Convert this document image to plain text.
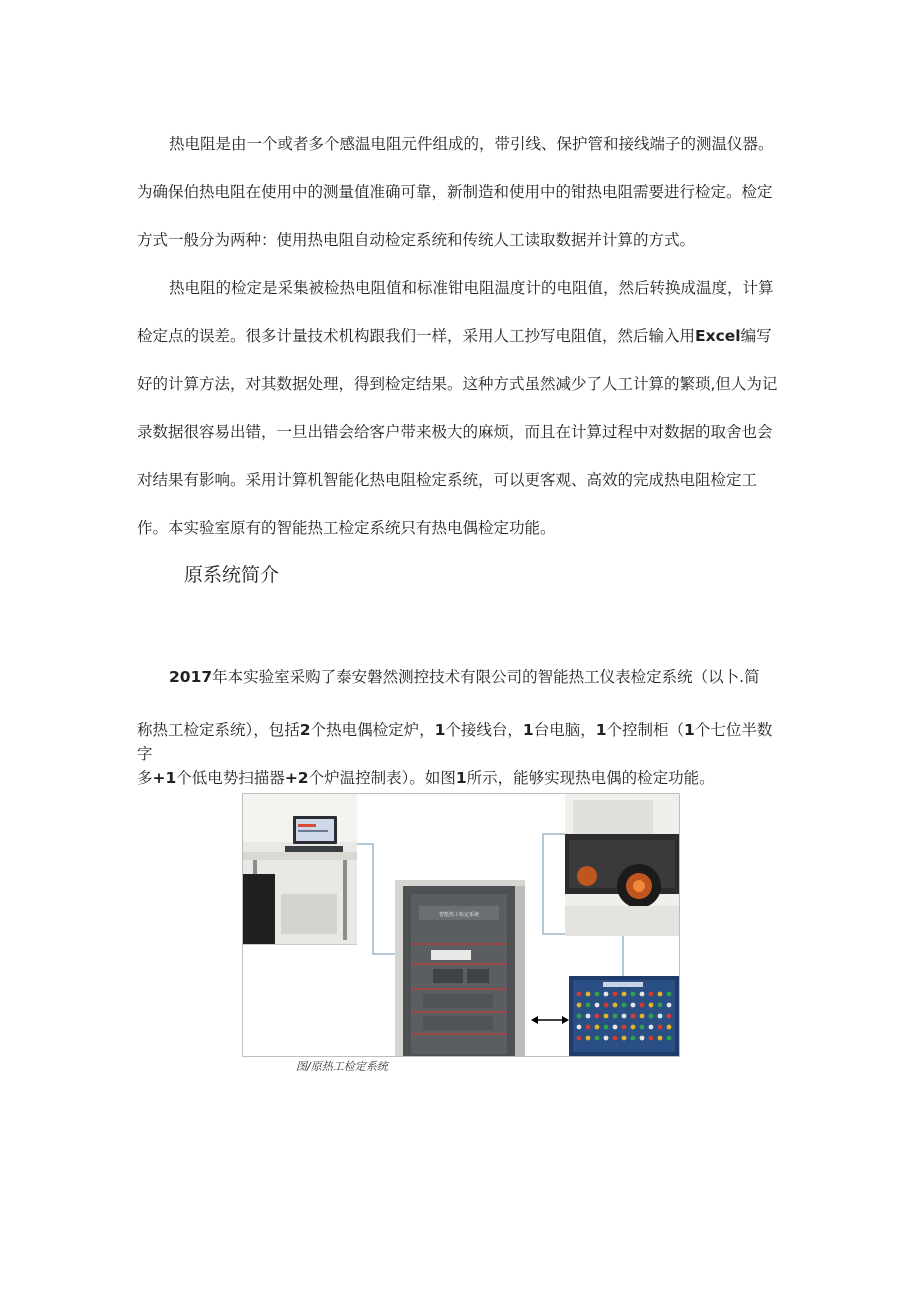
热电阻是由一个或者多个感温电阻元件组成的，带引线、保护管和接线端子的测温仪器。为确保伯热电阻在使用中的测量值准确可靠，新制造和使用中的钳热电阻需要进行检定。检定方式一般分为两种：使用热电阻自动检定系统和传统人工读取数据并计算的方式。

热电阻的检定是采集被检热电阻值和标准钳电阻温度计的电阻值，然后转换成温度，计算检定点的误差。很多计量技术机构跟我们一样，采用人工抄写电阻值，然后输入用Excel编写好的计算方法，对其数据处理，得到检定结果。这种方式虽然减少了人工计算的繁琐,但人为记录数据很容易出错，一旦出错会给客户带来极大的麻烦，而且在计算过程中对数据的取舍也会对结果有影响。采用计算机智能化热电阻检定系统，可以更客观、高效的完成热电阻检定工作。本实验室原有的智能热工检定系统只有热电偶检定功能。

原系统简介

2017年本实验室采购了泰安磐然测控技术有限公司的智能热工仪表检定系统（以卜.简

称热工检定系统），包括2个热电偶检定炉，1个接线台，1台电脑，1个控制柜（1个七位半数字
多+1个低电势扫描器+2个炉温控制表）。如图1所示，能够实现热电偶的检定功能。

智能热工检定系统
图/原热工检定系统
